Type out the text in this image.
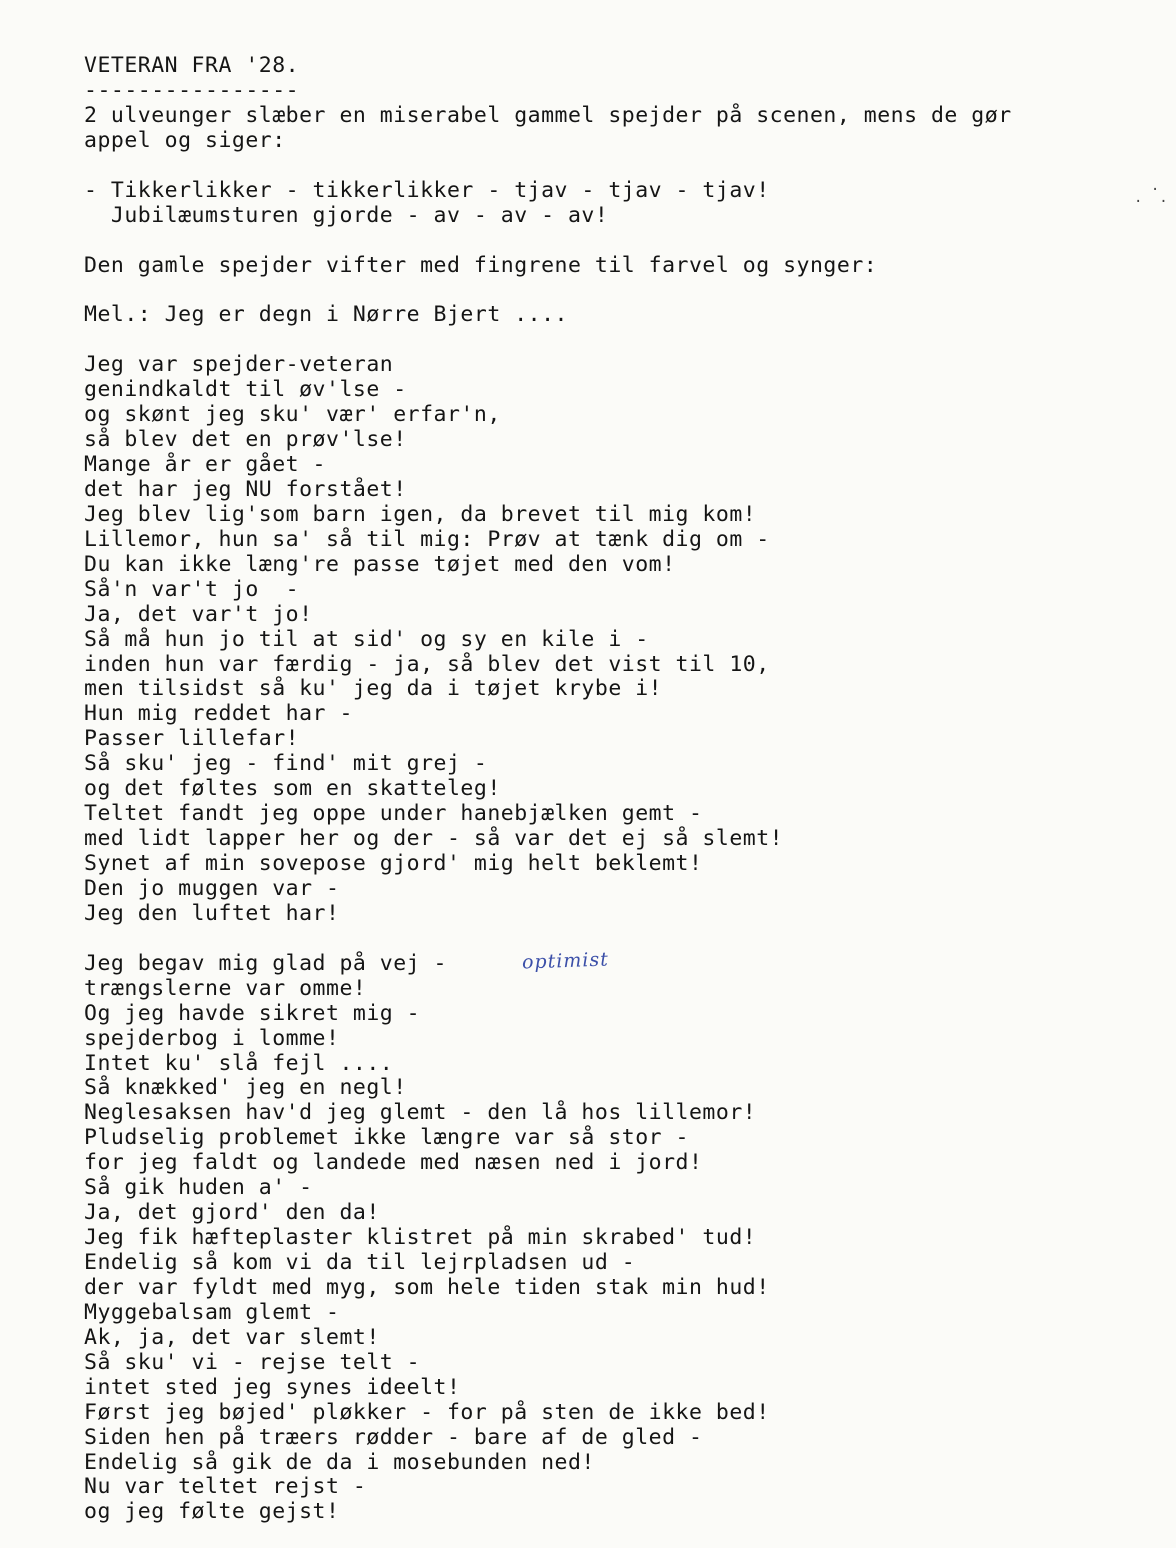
VETERAN FRA '28.
----------------
2 ulveunger slæber en miserabel gammel spejder på scenen, mens de gør
appel og siger:
- Tikkerlikker - tikkerlikker - tjav - tjav - tjav!
Jubilæumsturen gjorde - av - av - av!
Den gamle spejder vifter med fingrene til farvel og synger:
Mel.: Jeg er degn i Nørre Bjert ....
Jeg var spejder-veteran
genindkaldt til øv'lse -
og skønt jeg sku' vær' erfar'n,
så blev det en prøv'lse!
Mange år er gået -
det har jeg NU forstået!
Jeg blev lig'som barn igen, da brevet til mig kom!
Lillemor, hun sa' så til mig: Prøv at tænk dig om -
Du kan ikke læng're passe tøjet med den vom!
Så'n var't jo  -
Ja, det var't jo!
Så må hun jo til at sid' og sy en kile i -
inden hun var færdig - ja, så blev det vist til 10,
men tilsidst så ku' jeg da i tøjet krybe i!
Hun mig reddet har -
Passer lillefar!
Så sku' jeg - find' mit grej -
og det føltes som en skatteleg!
Teltet fandt jeg oppe under hanebjælken gemt -
med lidt lapper her og der - så var det ej så slemt!
Synet af min sovepose gjord' mig helt beklemt!
Den jo muggen var -
Jeg den luftet har!
Jeg begav mig glad på vej -
trængslerne var omme!
Og jeg havde sikret mig -
spejderbog i lomme!
Intet ku' slå fejl ....
Så knækked' jeg en negl!
Neglesaksen hav'd jeg glemt - den lå hos lillemor!
Pludselig problemet ikke længre var så stor -
for jeg faldt og landede med næsen ned i jord!
Så gik huden a' -
Ja, det gjord' den da!
Jeg fik hæfteplaster klistret på min skrabed' tud!
Endelig så kom vi da til lejrpladsen ud -
der var fyldt med myg, som hele tiden stak min hud!
Myggebalsam glemt -
Ak, ja, det var slemt!
Så sku' vi - rejse telt -
intet sted jeg synes ideelt!
Først jeg bøjed' pløkker - for på sten de ikke bed!
Siden hen på træers rødder - bare af de gled -
Endelig så gik de da i mosebunden ned!
Nu var teltet rejst -
og jeg følte gejst!
optimist
.
.  .
